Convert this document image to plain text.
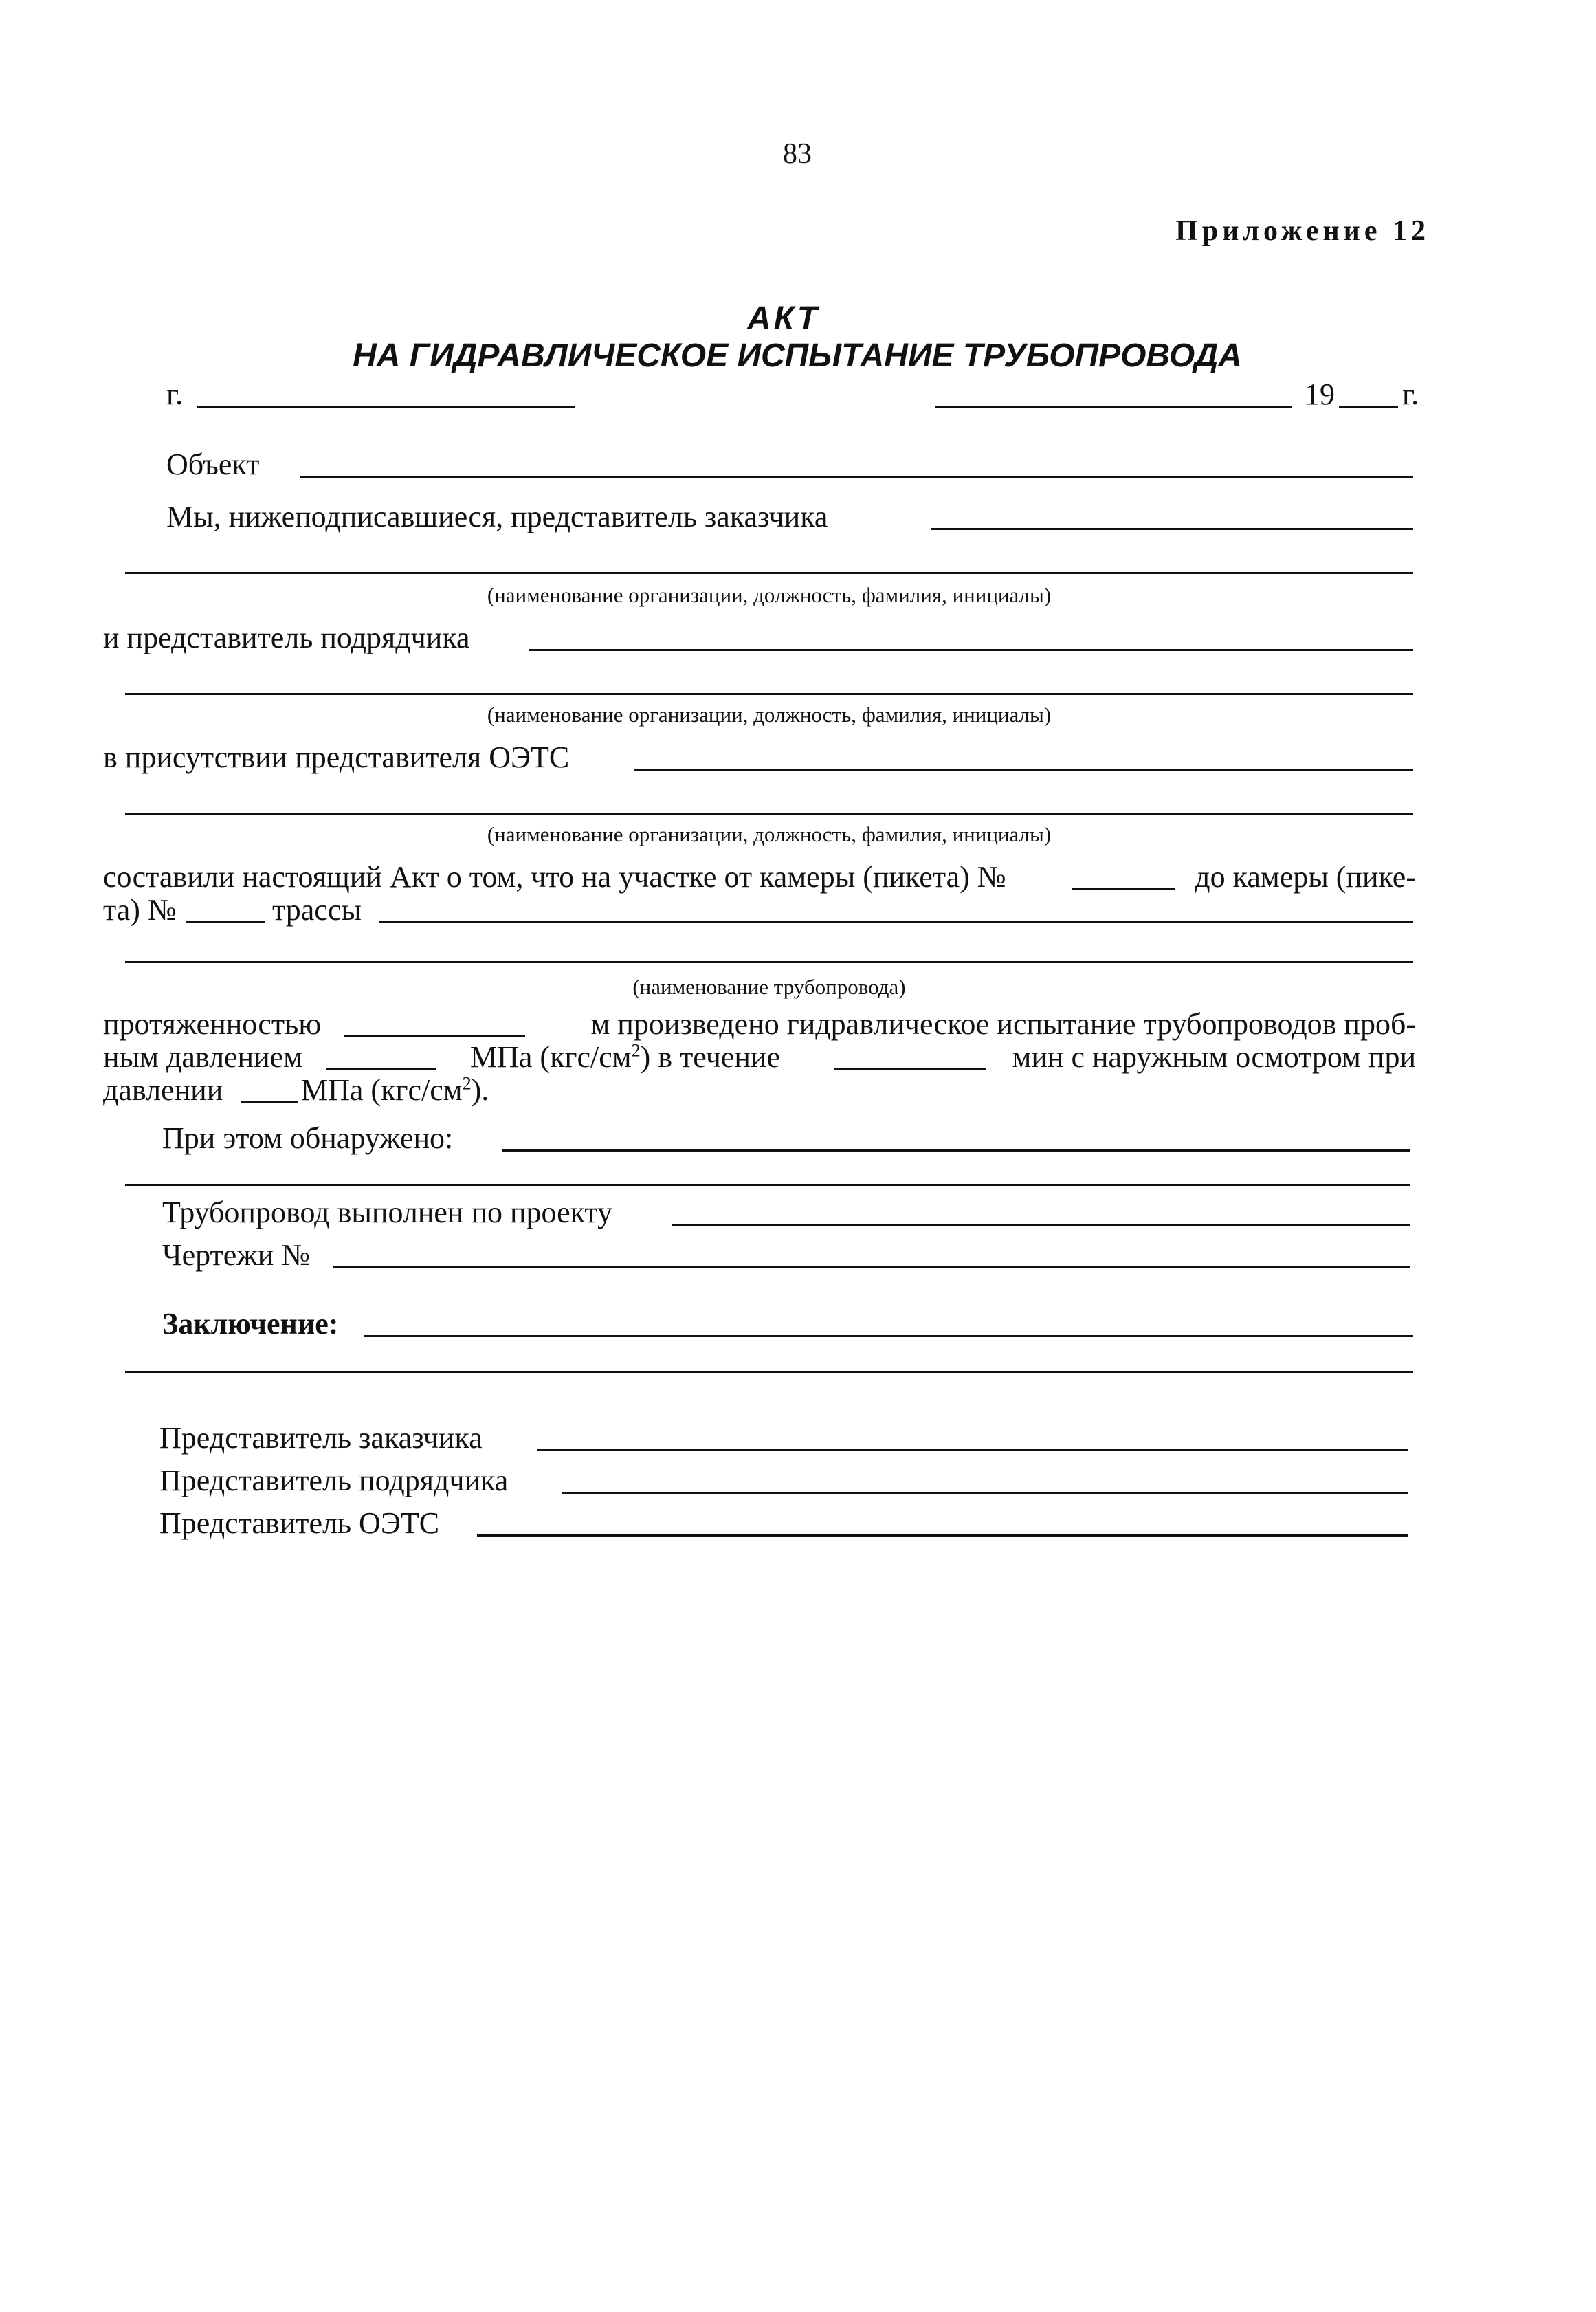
83
Приложение 12
АКТ
НА ГИДРАВЛИЧЕСКОЕ ИСПЫТАНИЕ ТРУБОПРОВОДА
г.	19 г.
Объект
Мы, нижеподписавшиеся, представитель заказчика
(наименование организации, должность, фамилия, инициалы)
и представитель подрядчика
(наименование организации, должность, фамилия, инициалы)
в присутствии представителя ОЭТС
(наименование организации, должность, фамилия, инициалы)
составили настоящий Акт о том, что на участке от камеры (пикета) №	до камеры (пике-
та) №	трассы
(наименование трубопровода)
протяженностью	м произведено гидравлическое испытание трубопроводов проб-
ным давлением	МПа $(кгс/см^2)$ в течение	мин с наружным осмотром при
давлении	МПа $(кгс/см^2)$.
При этом обнаружено:
Трубопровод выполнен по проекту
Чертежи №
Заключение:
Представитель заказчика
Представитель подрядчика
Представитель ОЭТС
